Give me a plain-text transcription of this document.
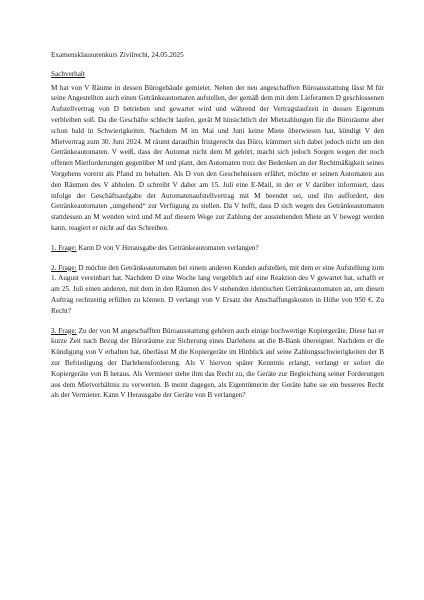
Examensklausurenkurs Zivilrecht, 24.05.2025

Sachverhalt

M hat von V Räume in dessen Bürogebäude gemietet. Neben der neu angeschafften Büroausstattung lässt M für seine Angestellten auch einen Getränkeautomaten aufstellen, der gemäß dem mit dem Lieferanten D geschlossenen Aufstellvertrag von D betrieben und gewartet wird und während der Vertragslaufzeit in dessen Eigentum verbleiben soll. Da die Geschäfte schlecht laufen, gerät M hinsichtlich der Mietzahlungen für die Büroräume aber schon bald in Schwierigkeiten. Nachdem M im Mai und Juni keine Miete überwiesen hat, kündigt V den Mietvertrag zum 30. Juni 2024. M räumt daraufhin fristgerecht das Büro, kümmert sich dabei jedoch nicht um den Getränkeautomaten. V weiß, dass der Automat nicht dem M gehört, macht sich jedoch Sorgen wegen der noch offenen Mietforderungen gegenüber M und plant, den Automaten trotz der Bedenken an der Rechtmäßigkeit seines Vorgehens vorerst als Pfand zu behalten. Als D von den Geschehnissen erfährt, möchte er seinen Automaten aus den Räumen des V abholen. D schreibt V daher am 15. Juli eine E-Mail, in der er V darüber informiert, dass infolge der Geschäftsaufgabe der Automatenaufstellvertrag mit M beendet sei, und ihn auffordert, den Getränkeautomaten „umgehend“ zur Verfügung zu stellen. Da V hofft, dass D sich wegen des Getränkeautomaten stattdessen an M wenden wird und M auf diesem Wege zur Zahlung der ausstehenden Miete an V bewegt werden kann, reagiert er nicht auf das Schreiben.

1. Frage: Kann D von V Herausgabe des Getränkeautomaten verlangen?

2. Frage: D möchte den Getränkeautomaten bei einem anderen Kunden aufstellen, mit dem er eine Aufstellung zum 1. August vereinbart hat. Nachdem D eine Woche lang vergeblich auf eine Reaktion des V gewartet hat, schafft er am 25. Juli einen anderen, mit dem in den Räumen des V stehenden identischen Getränkeautomaten an, um diesen Auftrag rechtzeitig erfüllen zu können. D verlangt von V Ersatz der Anschaffungskosten in Höhe von 950 €. Zu Recht?

3. Frage: Zu der von M angeschafften Büroausstattung gehören auch einige hochwertige Kopiergeräte. Diese hat er kurze Zeit nach Bezug der Büroräume zur Sicherung eines Darlehens an die B-Bank übereignet. Nachdem er die Kündigung von V erhalten hat, überlässt M die Kopiergeräte im Hinblick auf seine Zahlungsschwierigkeiten der B zur Befriedigung der Darlehensforderung. Als V hiervon später Kenntnis erlangt, verlangt er sofort die Kopiergeräte von B heraus. Als Vermieter stehe ihm das Recht zu, die Geräte zur Begleichung seiner Forderungen aus dem Mietverhältnis zu verwerten. B meint dagegen, als Eigentümerin der Geräte habe sie ein besseres Recht als der Vermieter. Kann V Herausgabe der Geräte von B verlangen?
